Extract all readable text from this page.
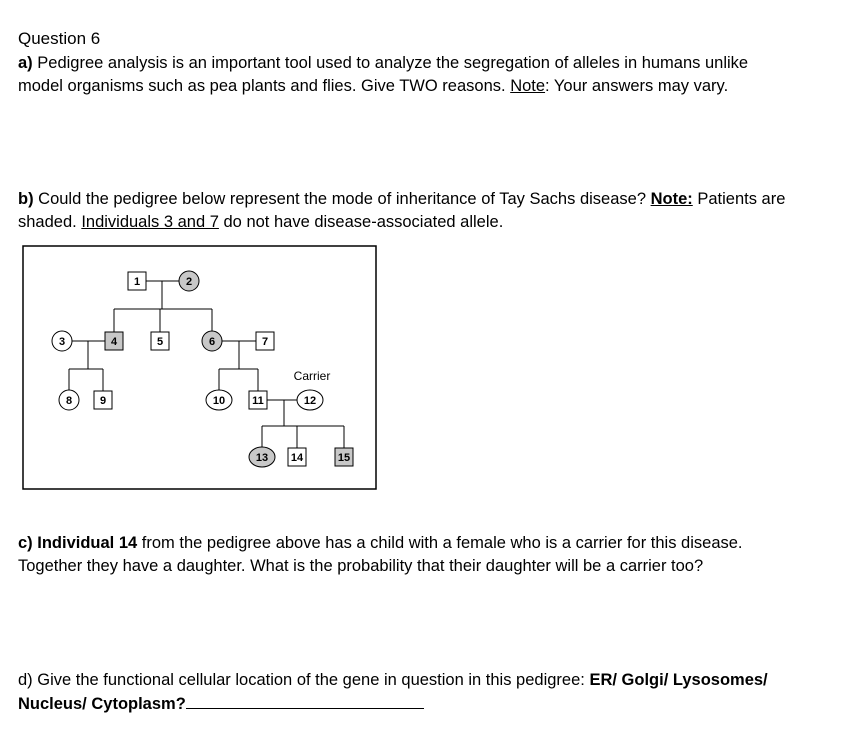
Question 6
a) Pedigree analysis is an important tool used to analyze the segregation of alleles in humans unlike
model organisms such as pea plants and flies. Give TWO reasons. Note: Your answers may vary.
b) Could the pedigree below represent the mode of inheritance of Tay Sachs disease? Note: Patients are
shaded. Individuals 3 and 7 do not have disease-associated allele.
1	2
3	4	5	6	7
8	9	10 11	12
13 14	15
Carrier
c) Individual 14 from the pedigree above has a child with a female who is a carrier for this disease.
Together they have a daughter. What is the probability that their daughter will be a carrier too?
d) Give the functional cellular location of the gene in question in this pedigree: ER/ Golgi/ Lysosomes/
Nucleus/ Cytoplasm?
